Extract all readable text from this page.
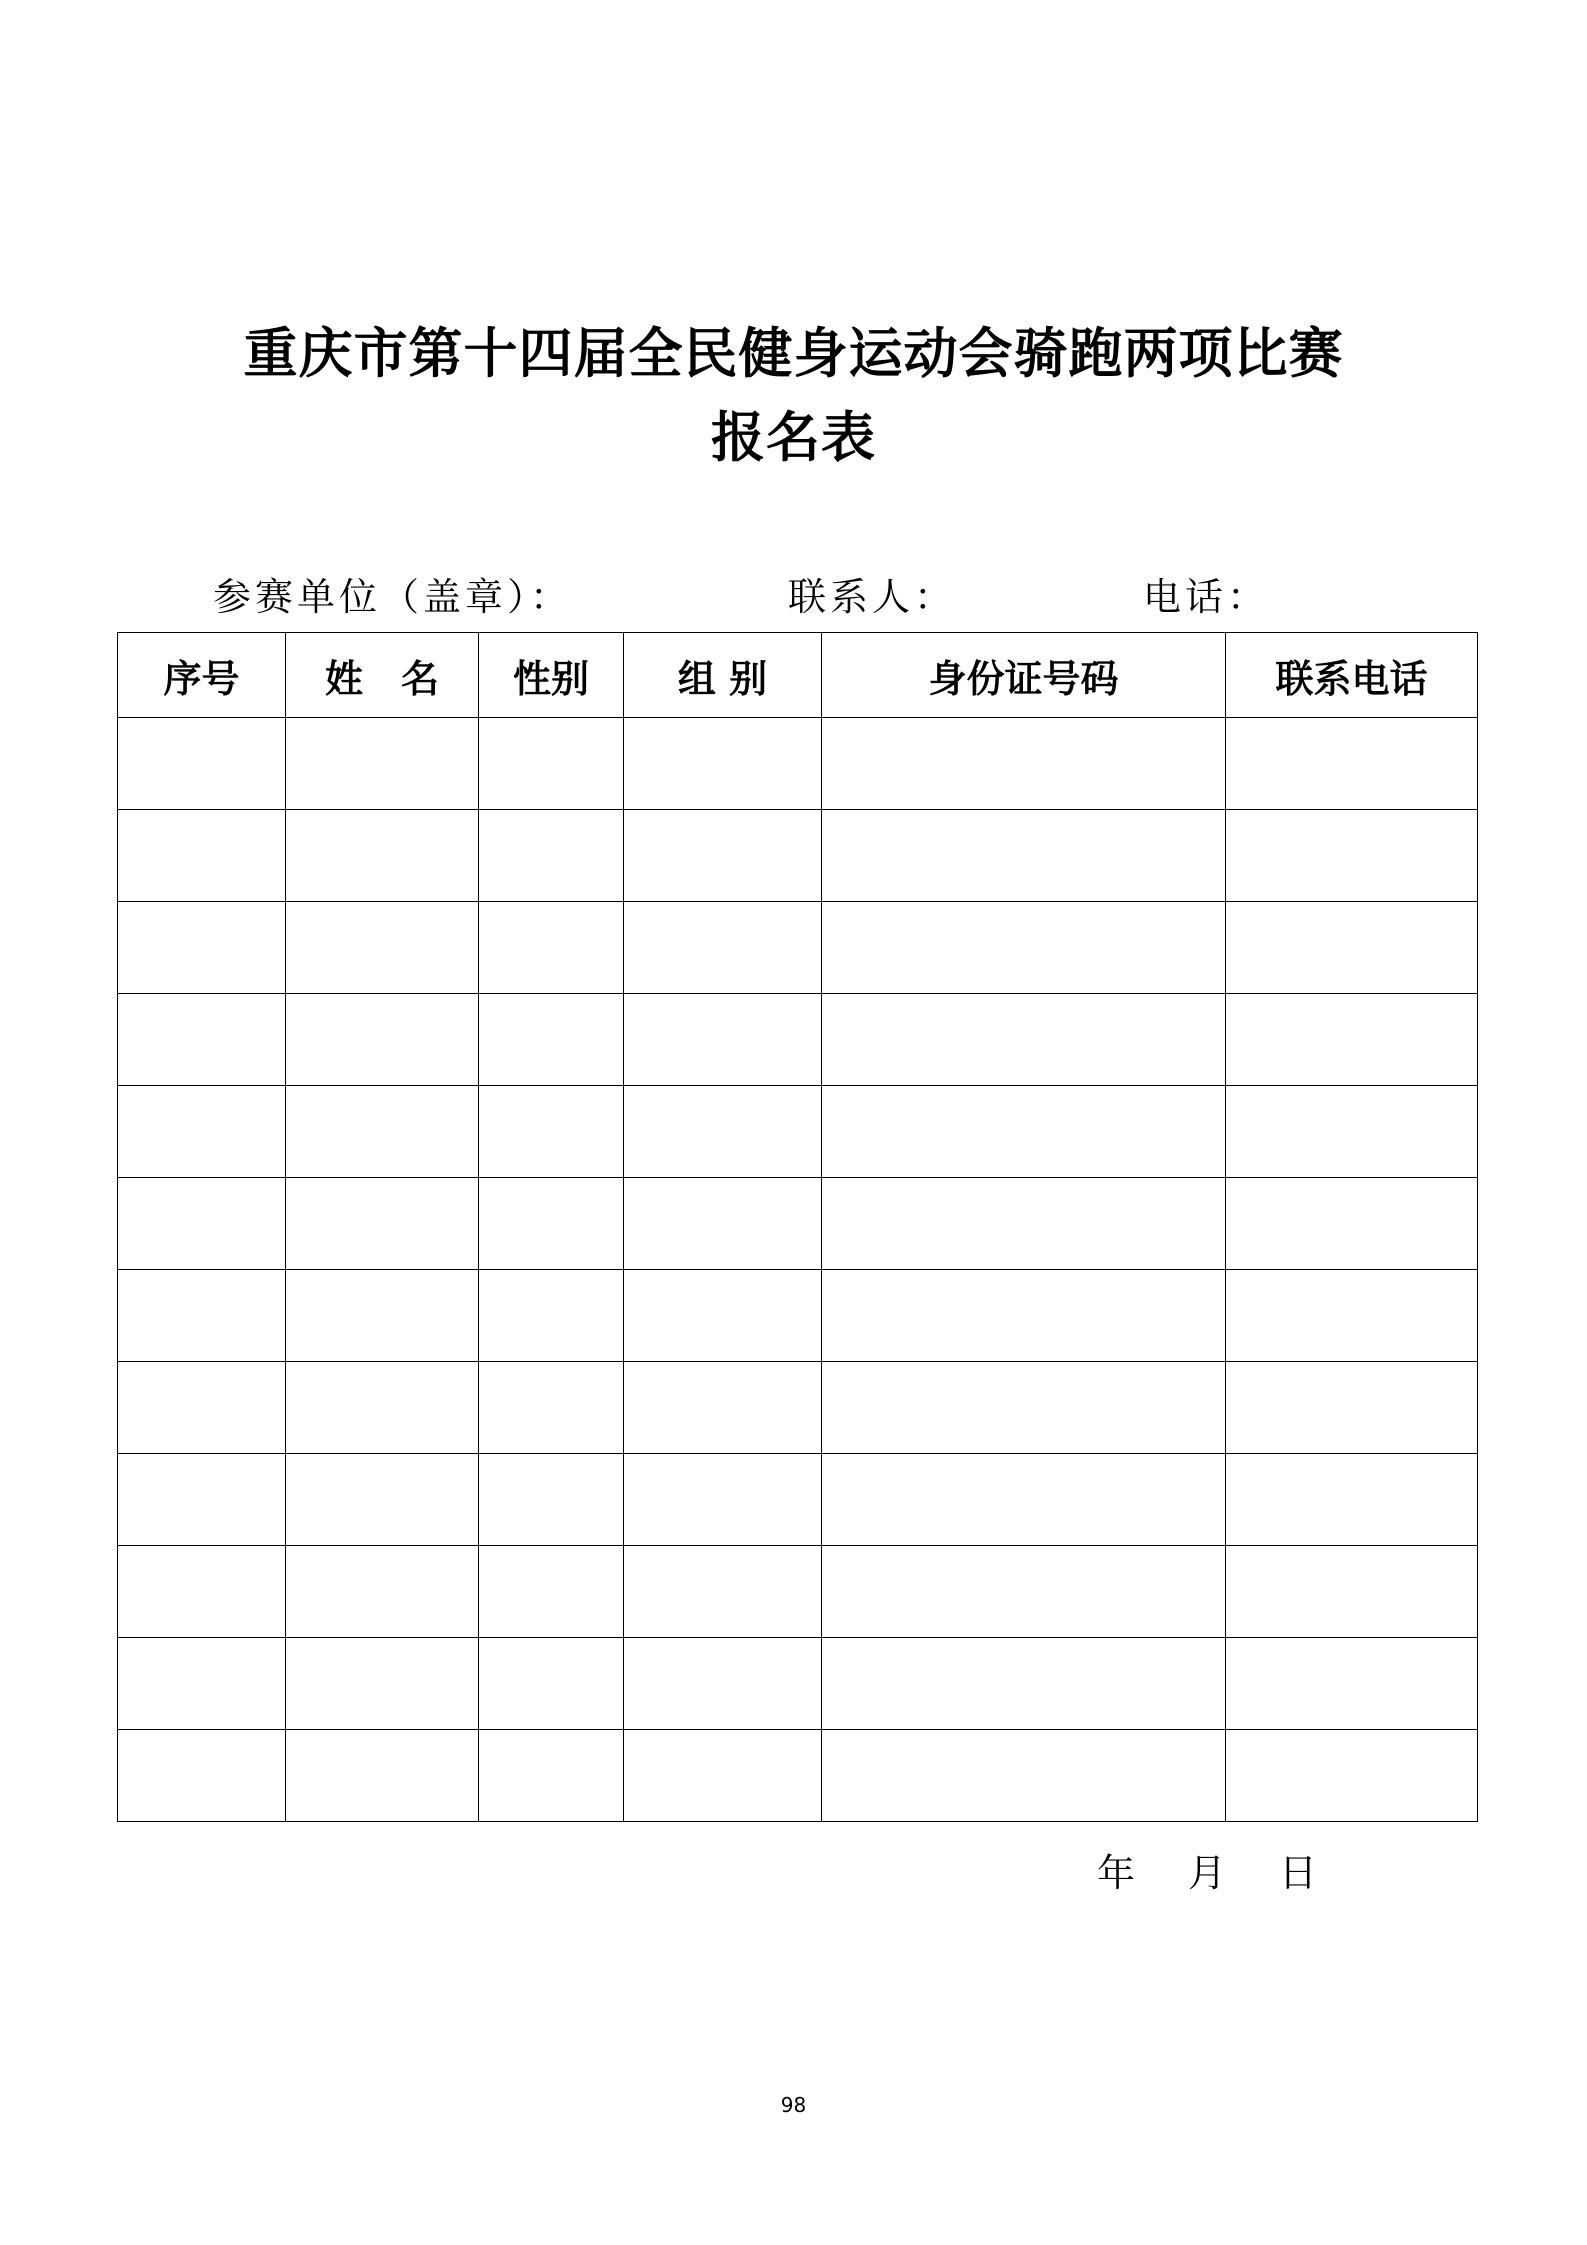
重庆市第十四届全民健身运动会骑跑两项比赛
报名表
参赛单位（盖章）：	联系人：	电话：
序号	姓　名	性别	组 别	身份证号码	联系电话

年 月 日
98
